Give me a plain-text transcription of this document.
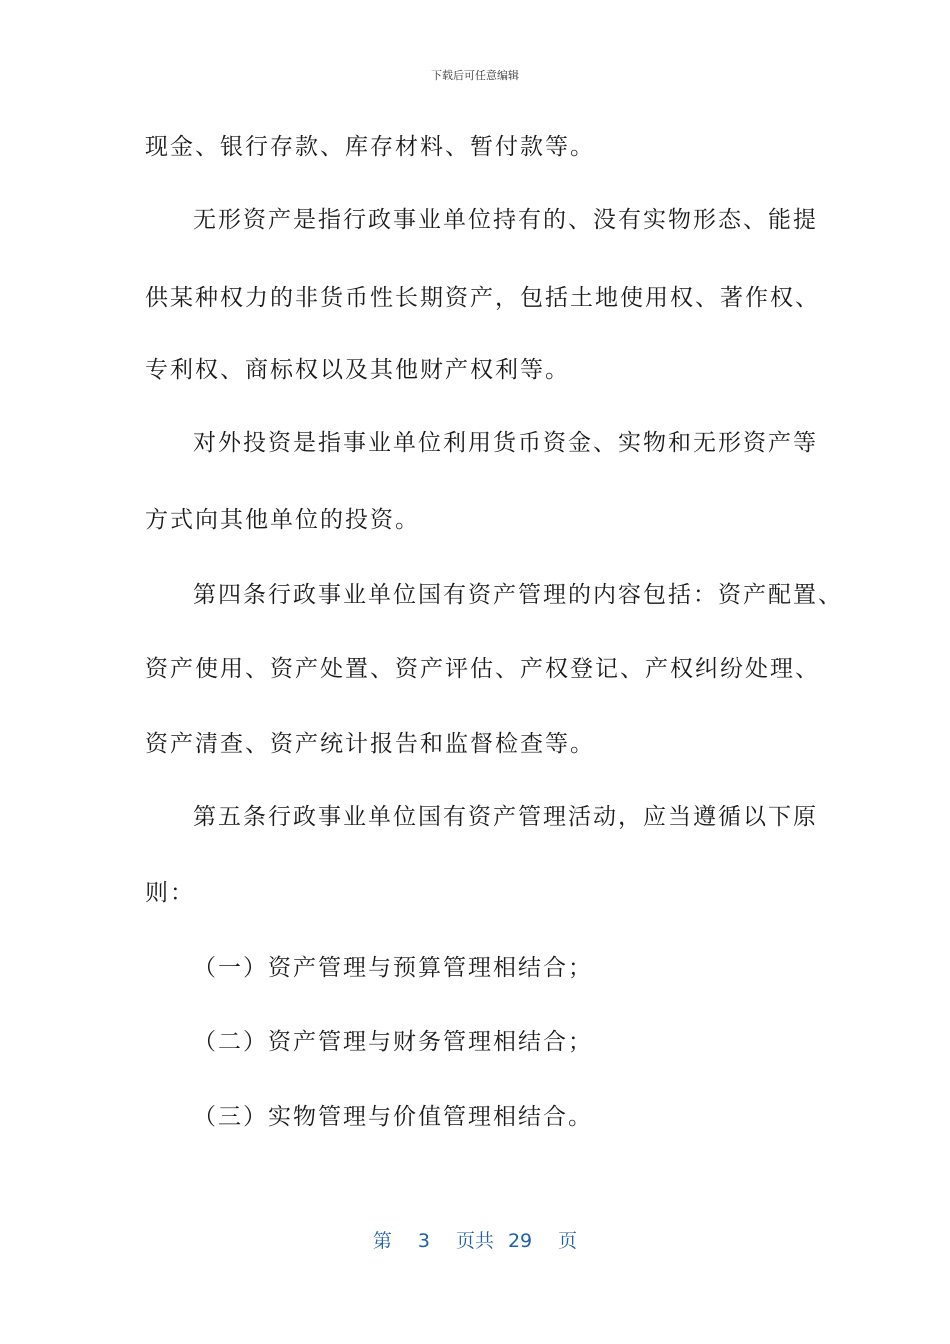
下载后可任意编辑
现金、银行存款、库存材料、暂付款等。
无形资产是指行政事业单位持有的、没有实物形态、能提
供某种权力的非货币性长期资产，包括土地使用权、著作权、
专利权、商标权以及其他财产权利等。
对外投资是指事业单位利用货币资金、实物和无形资产等
方式向其他单位的投资。
第四条行政事业单位国有资产管理的内容包括：资产配置、
资产使用、资产处置、资产评估、产权登记、产权纠纷处理、
资产清查、资产统计报告和监督检查等。
第五条行政事业单位国有资产管理活动，应当遵循以下原
则：
（一）资产管理与预算管理相结合；
（二）资产管理与财务管理相结合；
（三）实物管理与价值管理相结合。
第 3 页共 29 页
